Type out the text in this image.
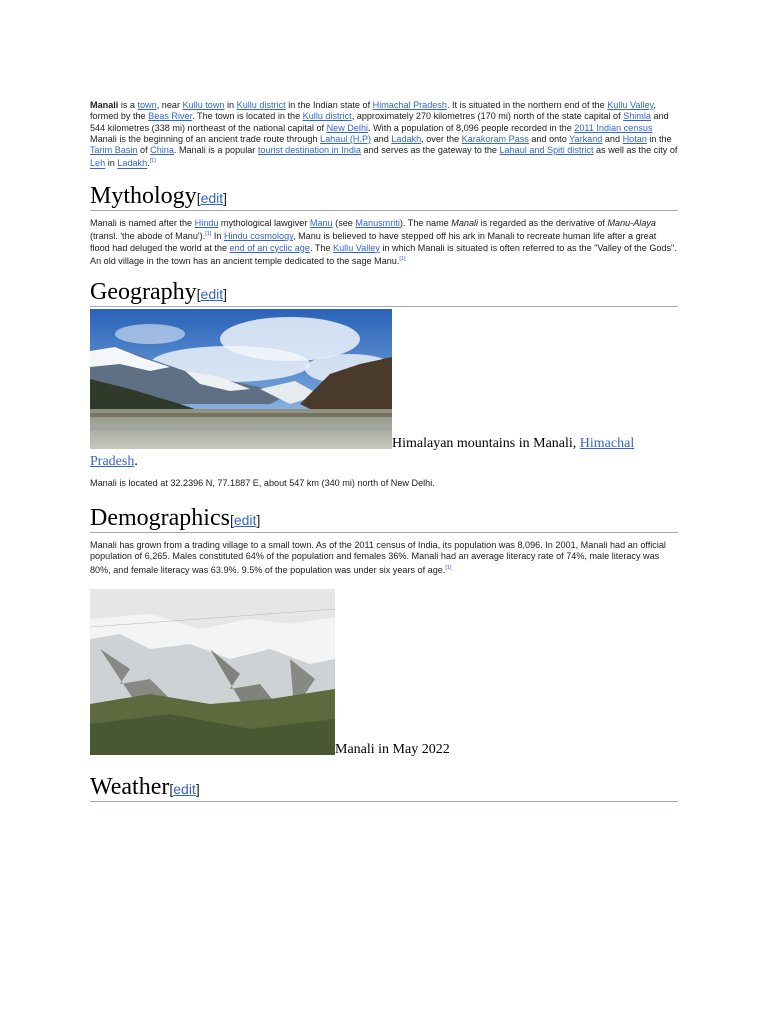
Manali is a town, near Kullu town in Kullu district in the Indian state of Himachal Pradesh. It is situated in the northern end of the Kullu Valley, formed by the Beas River. The town is located in the Kullu district, approximately 270 kilometres (170 mi) north of the state capital of Shimla and 544 kilometres (338 mi) northeast of the national capital of New Delhi. With a population of 8,096 people recorded in the 2011 Indian census Manali is the beginning of an ancient trade route through Lahaul (H.P) and Ladakh, over the Karakoram Pass and onto Yarkand and Hotan in the Tarim Basin of China. Manali is a popular tourist destination in India and serves as the gateway to the Lahaul and Spiti district as well as the city of Leh in Ladakh.[1]

Mythology[edit]

Manali is named after the Hindu mythological lawgiver Manu (see Manusmriti). The name Manali is regarded as the derivative of Manu-Alaya (transl. 'the abode of Manu').[1] In Hindu cosmology, Manu is believed to have stepped off his ark in Manali to recreate human life after a great flood had deluged the world at the end of an cyclic age. The Kullu Valley in which Manali is situated is often referred to as the "Valley of the Gods". An old village in the town has an ancient temple dedicated to the sage Manu.[1]

Geography[edit]
Himalayan mountains in Manali, Himachal
Pradesh.

Manali is located at 32.2396 N, 77.1887 E, about 547 km (340 mi) north of New Delhi.

Demographics[edit]

Manali has grown from a trading village to a small town. As of the 2011 census of India, its population was 8,096. In 2001, Manali had an official population of 6,265. Males constituted 64% of the population and females 36%. Manali had an average literacy rate of 74%, male literacy was 80%, and female literacy was 63.9%. 9.5% of the population was under six years of age.[1]

Manali in May 2022
Weather[edit]
